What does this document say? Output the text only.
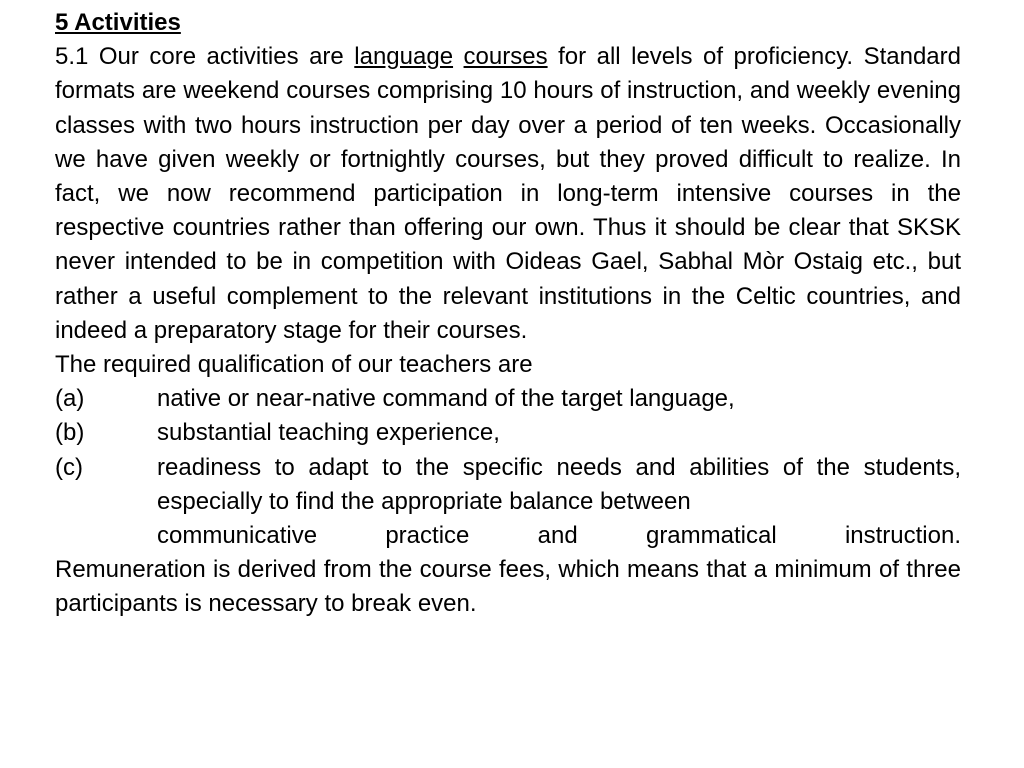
5 Activities
5.1 Our core activities are language courses for all levels of proficiency. Standard formats are weekend courses comprising 10 hours of instruction, and weekly evening classes with two hours instruction per day over a period of ten weeks. Occasionally we have given weekly or fortnightly courses, but they proved difficult to realize. In fact, we now recommend participation in long-term intensive courses in the respective countries rather than offering our own. Thus it should be clear that SKSK never intended to be in competition with Oideas Gael, Sabhal Mòr Ostaig etc., but rather a useful complement to the relevant institutions in the Celtic countries, and indeed a preparatory stage for their courses.
The required qualification of our teachers are
(a)	native or near-native command of the target language,
(b)	substantial teaching experience,
(c)	readiness to adapt to the specific needs and abilities of the students, especially to find the appropriate balance between
communicative practice and grammatical instruction.
Remuneration is derived from the course fees, which means that a minimum of three participants is necessary to break even.
